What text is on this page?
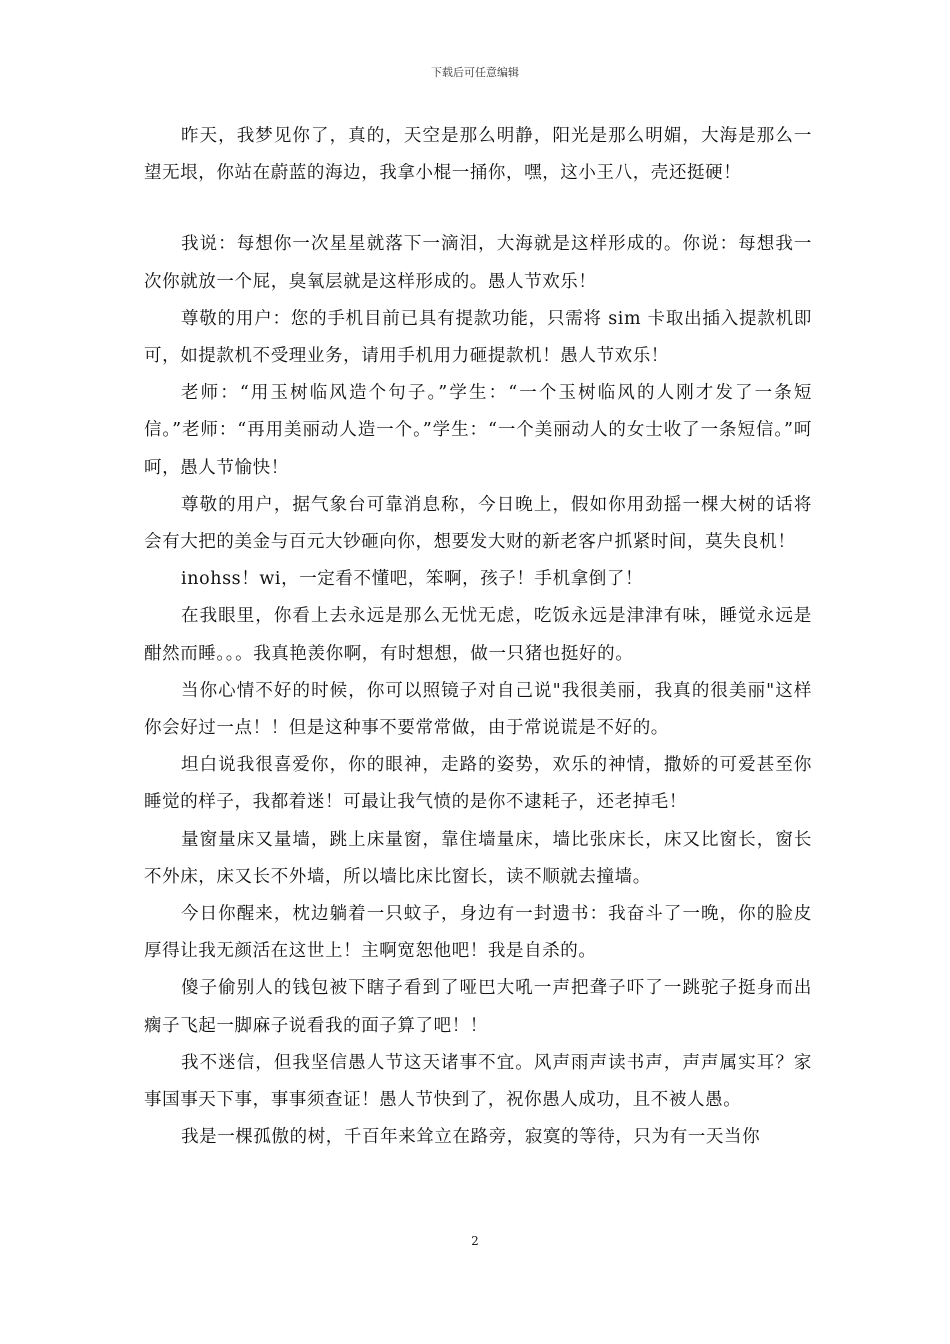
下载后可任意编辑

昨天，我梦见你了，真的，天空是那么明静，阳光是那么明媚，大海是那么一望无垠，你站在蔚蓝的海边，我拿小棍一捅你，嘿，这小王八，壳还挺硬！

我说：每想你一次星星就落下一滴泪，大海就是这样形成的。你说：每想我一次你就放一个屁，臭氧层就是这样形成的。愚人节欢乐！

尊敬的用户：您的手机目前已具有提款功能，只需将 sim 卡取出插入提款机即可，如提款机不受理业务，请用手机用力砸提款机！愚人节欢乐！

老师：“用玉树临风造个句子。”学生：“一个玉树临风的人刚才发了一条短信。”老师：“再用美丽动人造一个。”学生：“一个美丽动人的女士收了一条短信。”呵呵，愚人节愉快！

尊敬的用户，据气象台可靠消息称，今日晚上，假如你用劲摇一棵大树的话将会有大把的美金与百元大钞砸向你，想要发大财的新老客户抓紧时间，莫失良机！

inohss！wi，一定看不懂吧，笨啊，孩子！手机拿倒了！

在我眼里，你看上去永远是那么无忧无虑，吃饭永远是津津有味，睡觉永远是酣然而睡。。。我真艳羡你啊，有时想想，做一只猪也挺好的。

当你心情不好的时候，你可以照镜子对自己说"我很美丽，我真的很美丽"这样你会好过一点！！但是这种事不要常常做，由于常说谎是不好的。

坦白说我很喜爱你，你的眼神，走路的姿势，欢乐的神情，撒娇的可爱甚至你睡觉的样子，我都着迷！可最让我气愤的是你不逮耗子，还老掉毛！

量窗量床又量墙，跳上床量窗，靠住墙量床，墙比张床长，床又比窗长，窗长不外床，床又长不外墙，所以墙比床比窗长，读不顺就去撞墙。

今日你醒来，枕边躺着一只蚊子，身边有一封遗书：我奋斗了一晚，你的脸皮厚得让我无颜活在这世上！主啊宽恕他吧！我是自杀的。

傻子偷别人的钱包被下瞎子看到了哑巴大吼一声把聋子吓了一跳驼子挺身而出瘸子飞起一脚麻子说看我的面子算了吧！！

我不迷信，但我坚信愚人节这天诸事不宜。风声雨声读书声，声声属实耳？家事国事天下事，事事须查证！愚人节快到了，祝你愚人成功，且不被人愚。

我是一棵孤傲的树，千百年来耸立在路旁，寂寞的等待，只为有一天当你

2
